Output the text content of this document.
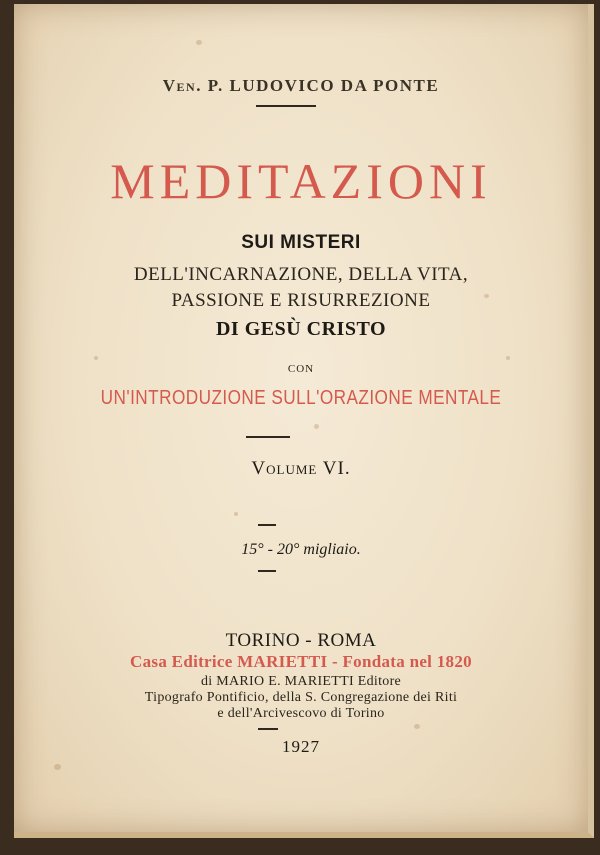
Ven. P. LUDOVICO DA PONTE
MEDITAZIONI
SUI MISTERI
DELL'INCARNAZIONE, DELLA VITA,
PASSIONE E RISURREZIONE
DI GESÙ CRISTO
CON
UN'INTRODUZIONE SULL'ORAZIONE MENTALE
Volume VI.
15° - 20° migliaio.
TORINO - ROMA
Casa Editrice MARIETTI - Fondata nel 1820
di MARIO E. MARIETTI Editore
Tipografo Pontificio, della S. Congregazione dei Riti
e dell'Arcivescovo di Torino
1927
